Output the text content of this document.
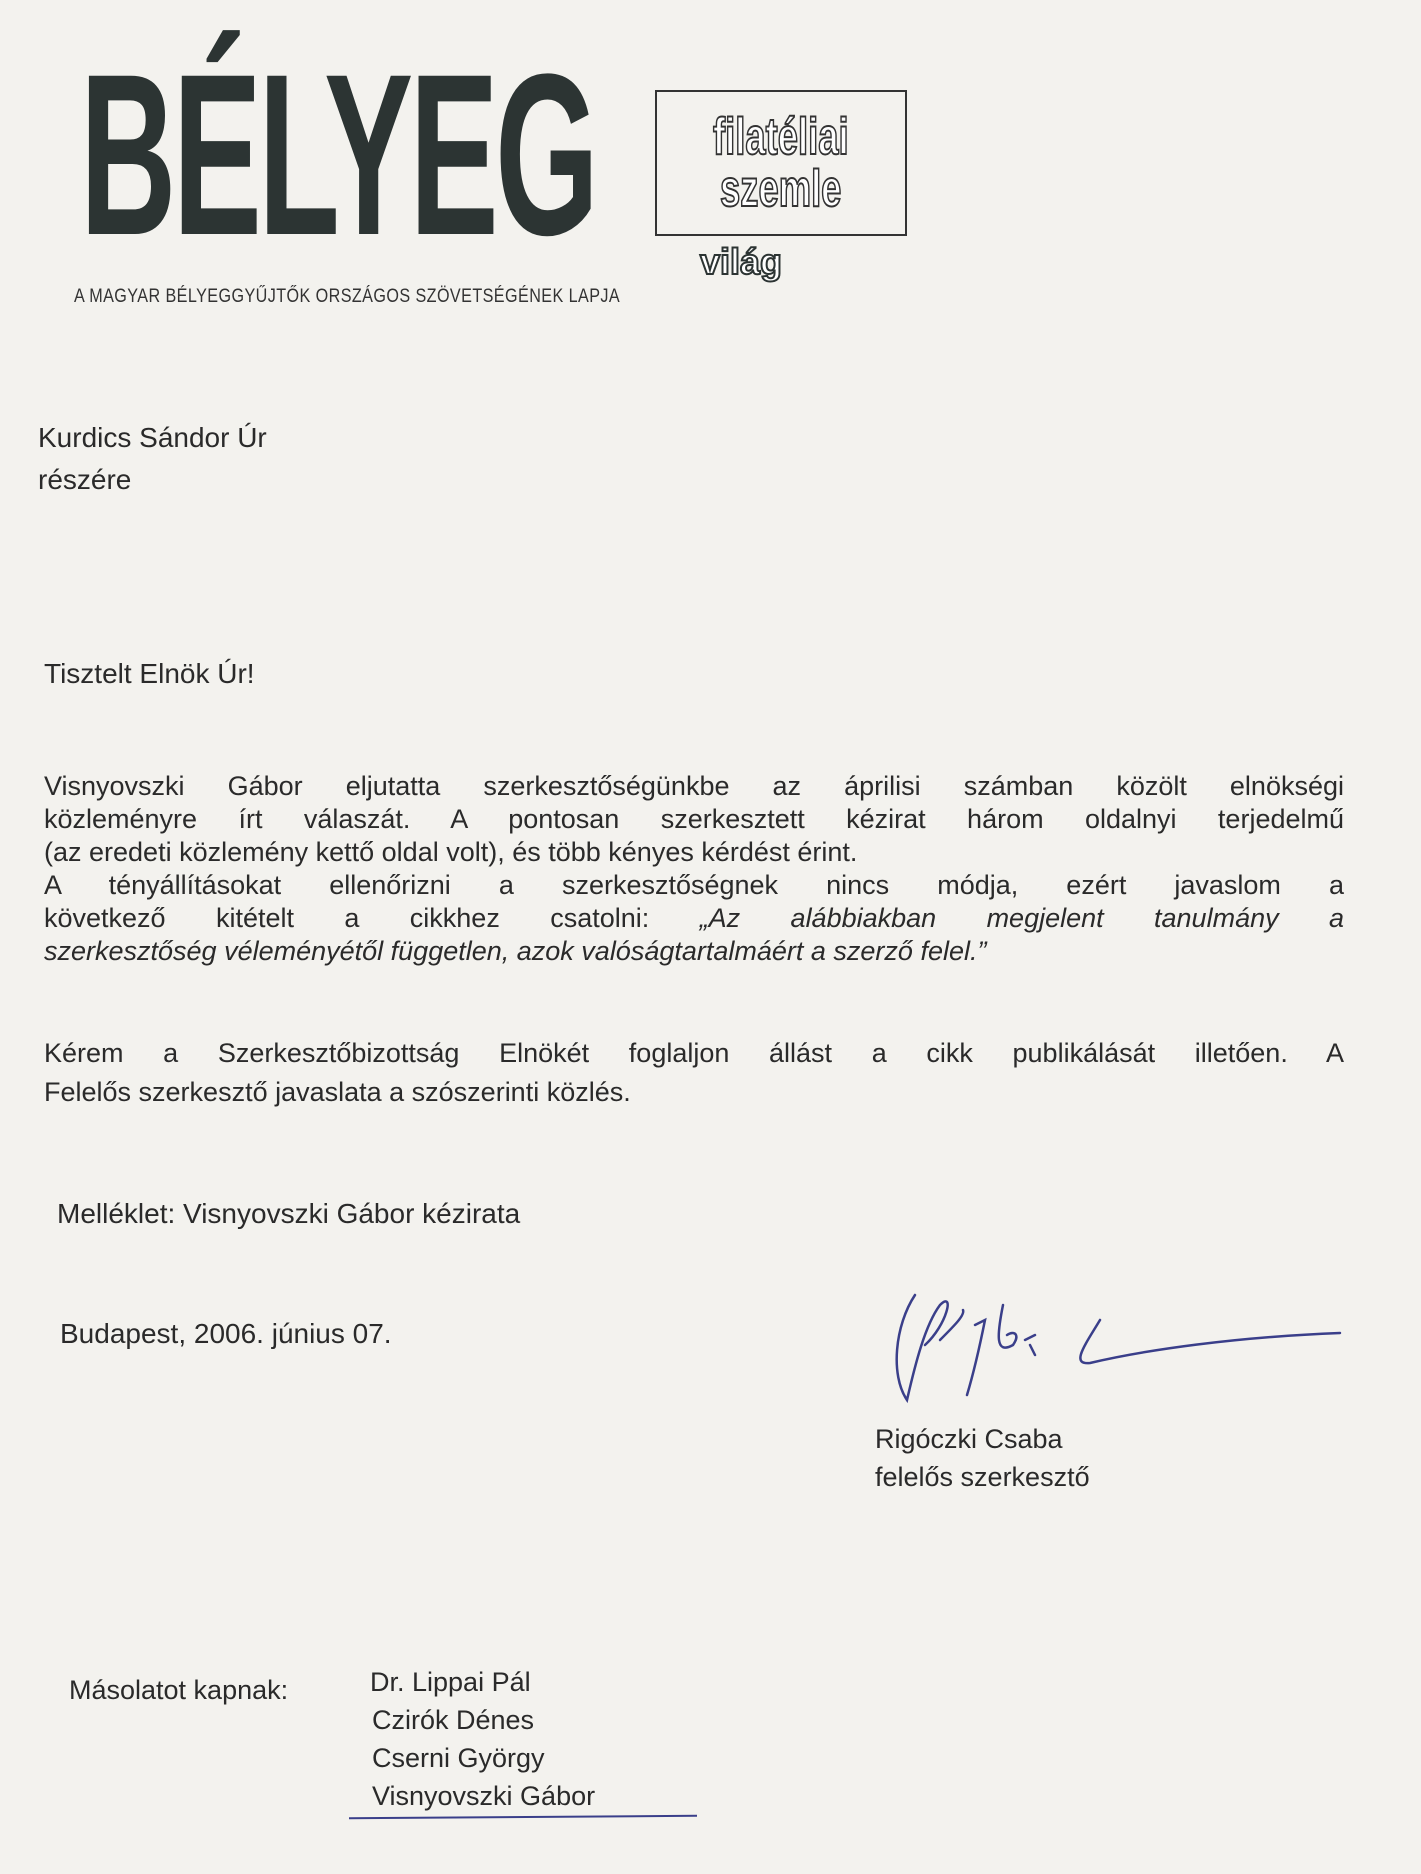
BÉLYEG	világ
filatéliai
szemle
A MAGYAR BÉLYEGGYŰJTŐK ORSZÁGOS SZÖVETSÉGÉNEK LAPJA
Kurdics Sándor Úr
részére
Tisztelt Elnök Úr!
Visnyovszki Gábor eljutatta szerkesztőségünkbe az áprilisi számban közölt elnökségi
közleményre írt válaszát. A pontosan szerkesztett kézirat három oldalnyi terjedelmű
(az eredeti közlemény kettő oldal volt), és több kényes kérdést érint.
A tényállításokat ellenőrizni a szerkesztőségnek nincs módja, ezért javaslom a
következő kitételt a cikkhez csatolni: „Az alábbiakban megjelent tanulmány a
szerkesztőség véleményétől független, azok valóságtartalmáért a szerző felel.”
Kérem a Szerkesztőbizottság Elnökét foglaljon állást a cikk publikálását illetően. A
Felelős szerkesztő javaslata a szószerinti közlés.
Melléklet: Visnyovszki Gábor kézirata
Budapest, 2006. június 07.
Rigóczki Csaba
felelős szerkesztő
Másolatot kapnak:	Dr. Lippai Pál
Czirók Dénes
Cserni György
Visnyovszki Gábor
